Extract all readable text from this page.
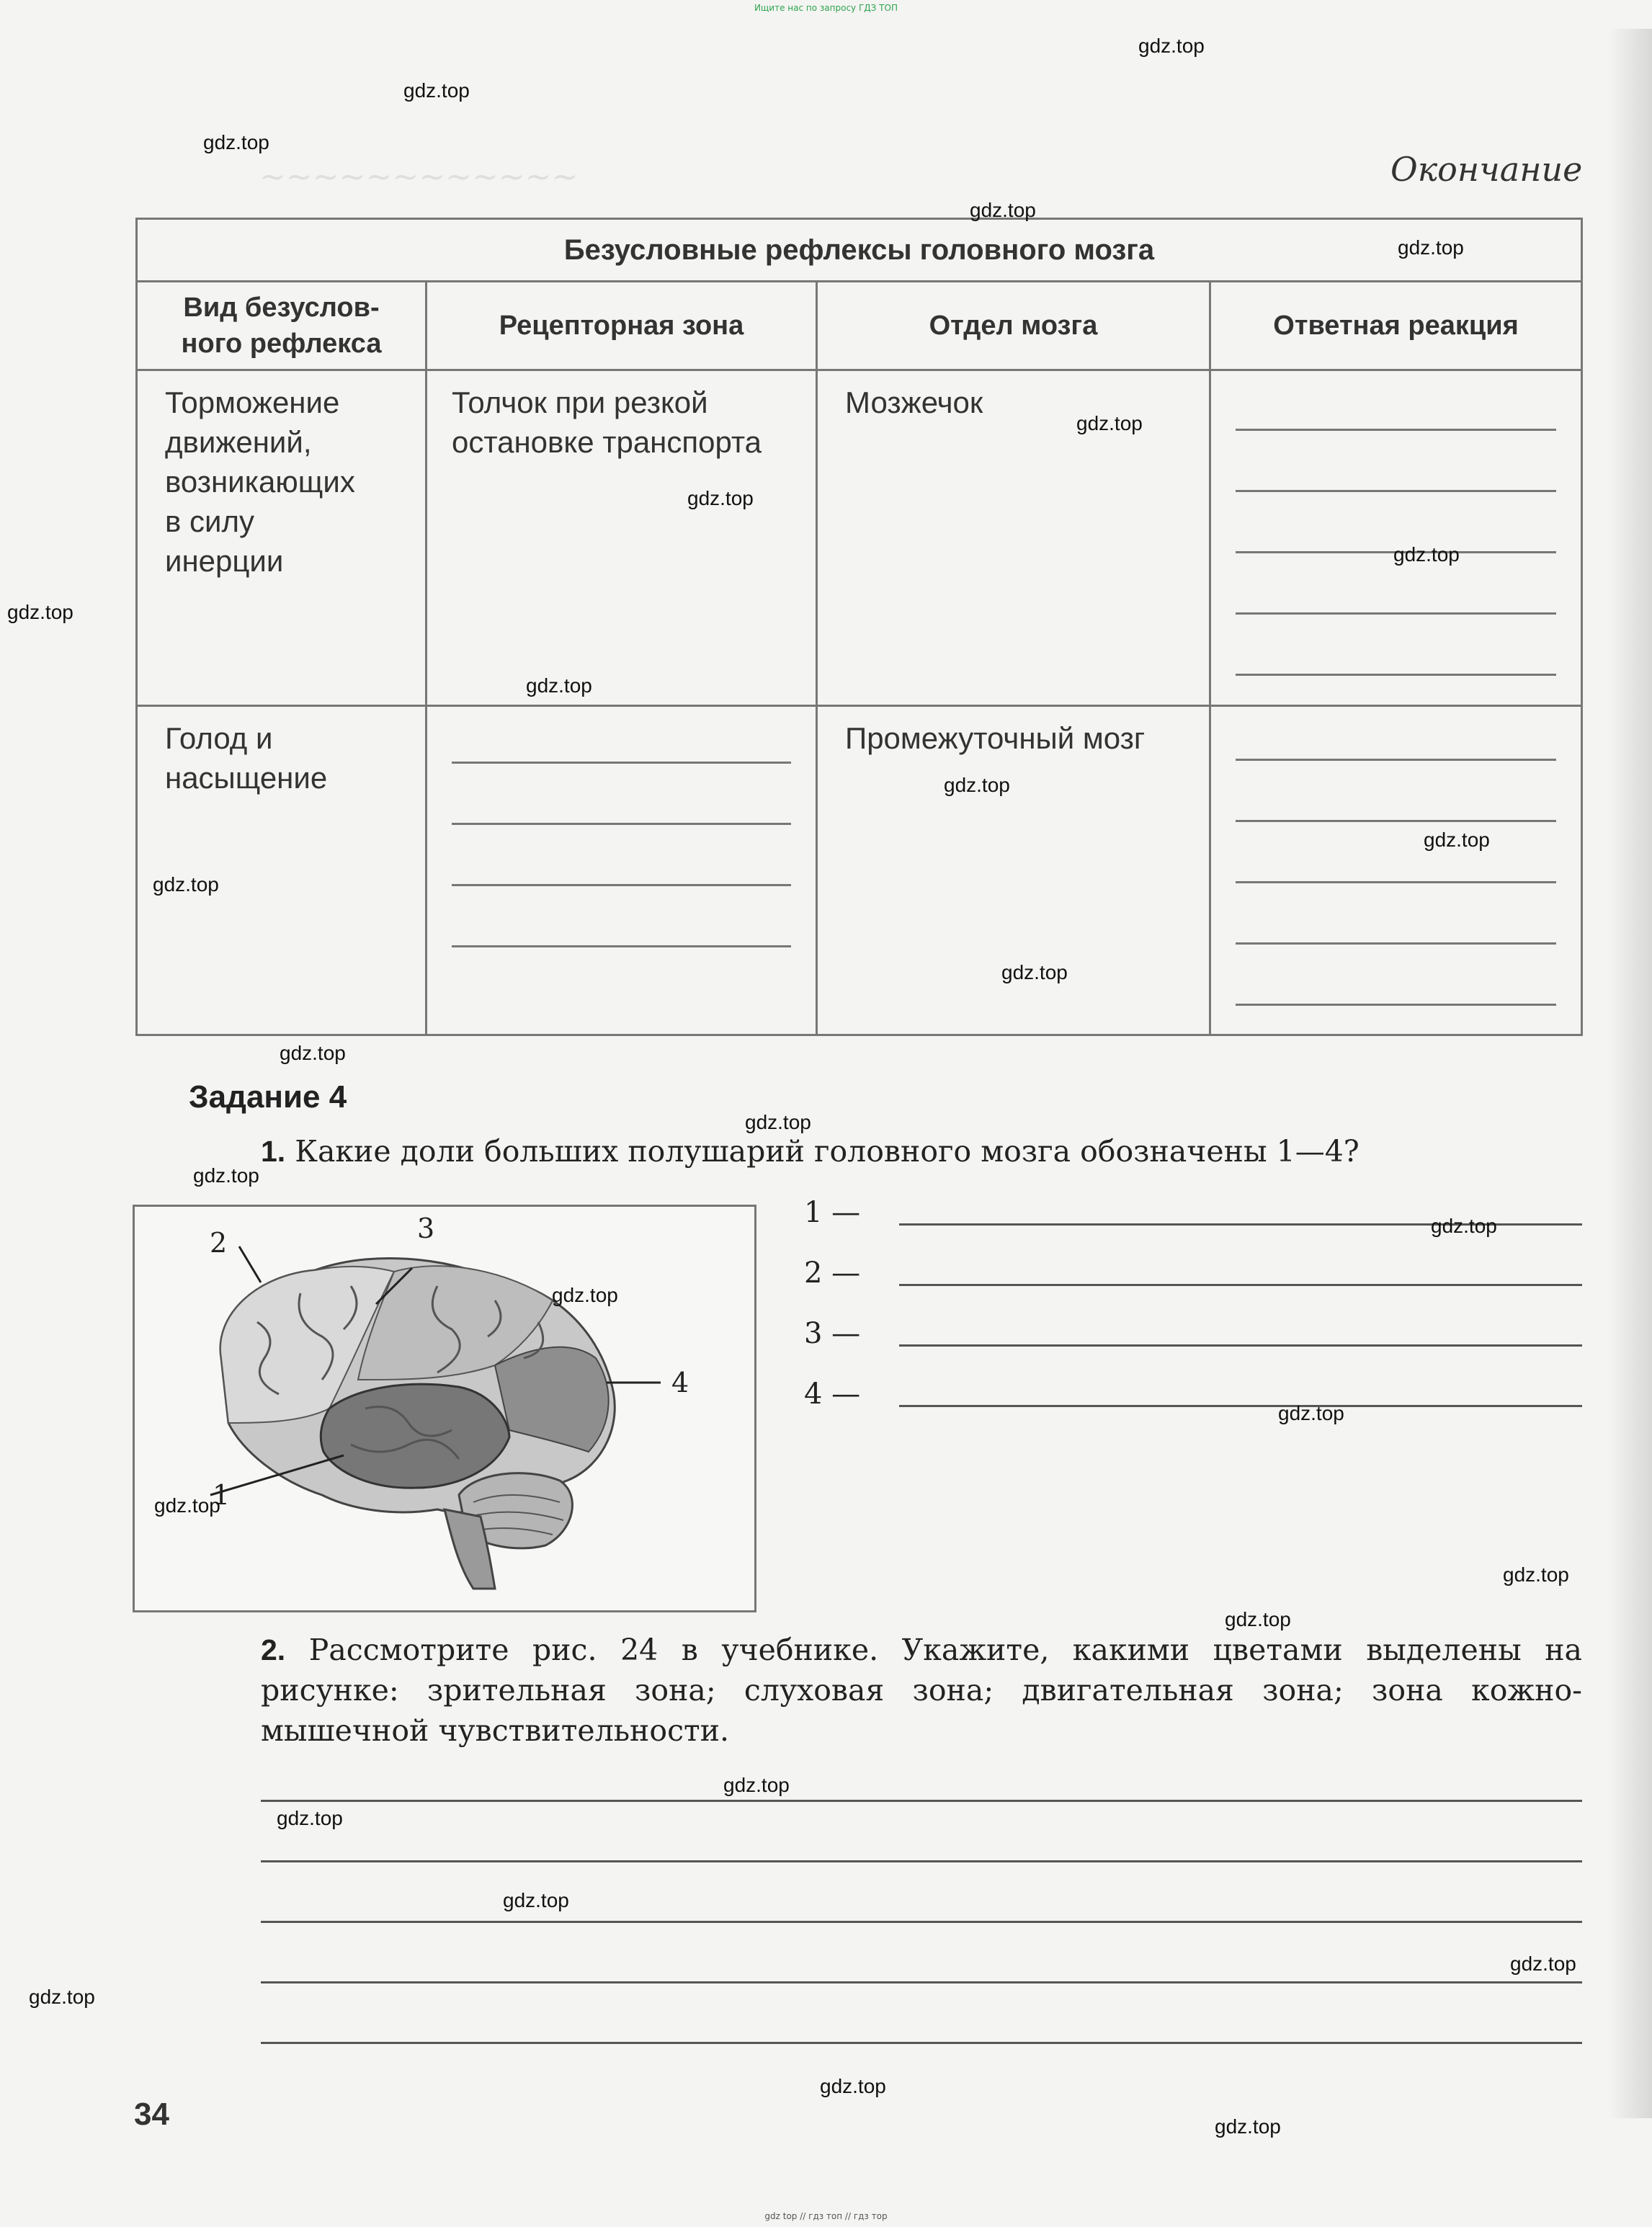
Ищите нас по запросу ГДЗ ТОП
~~~~~~~~~~~~	Окончание
Безусловные рефлексы головного мозга			
Вид безуслов-
ного рефлекса	Рецепторная зона	Отдел мозга	Ответная реакция

Торможение движений, возникающих в силу инерции	Толчок при резкой остановке транспорта	Мозжечок	

Голод и насыщение		Промежуточный мозг	

Задание 4
1. Какие доли больших полушарий головного мозга обозначены 1—4?
1
2	3
4
1 —
2 —
3 —
4 —
2. Рассмотрите рис. 24 в учебнике. Укажите, какими цветами выделены на рисунке: зрительная зона; слуховая зона; двигательная зона; зона кожно-мышечной чувствительности.
34
gdz.top
gdz.top
gdz.top
gdz.top
gdz.top
gdz.top
gdz.top
gdz.top
gdz.top
gdz.top
gdz.top
gdz.top
gdz.top
gdz.top
gdz.top
gdz.top
gdz.top
gdz.top
gdz.top
gdz.top
gdz.top
gdz.top
gdz.top
gdz.top
gdz.top
gdz.top
gdz.top
gdz.top
gdz.top
gdz.top
gdz top // гдз топ // гдз тор
